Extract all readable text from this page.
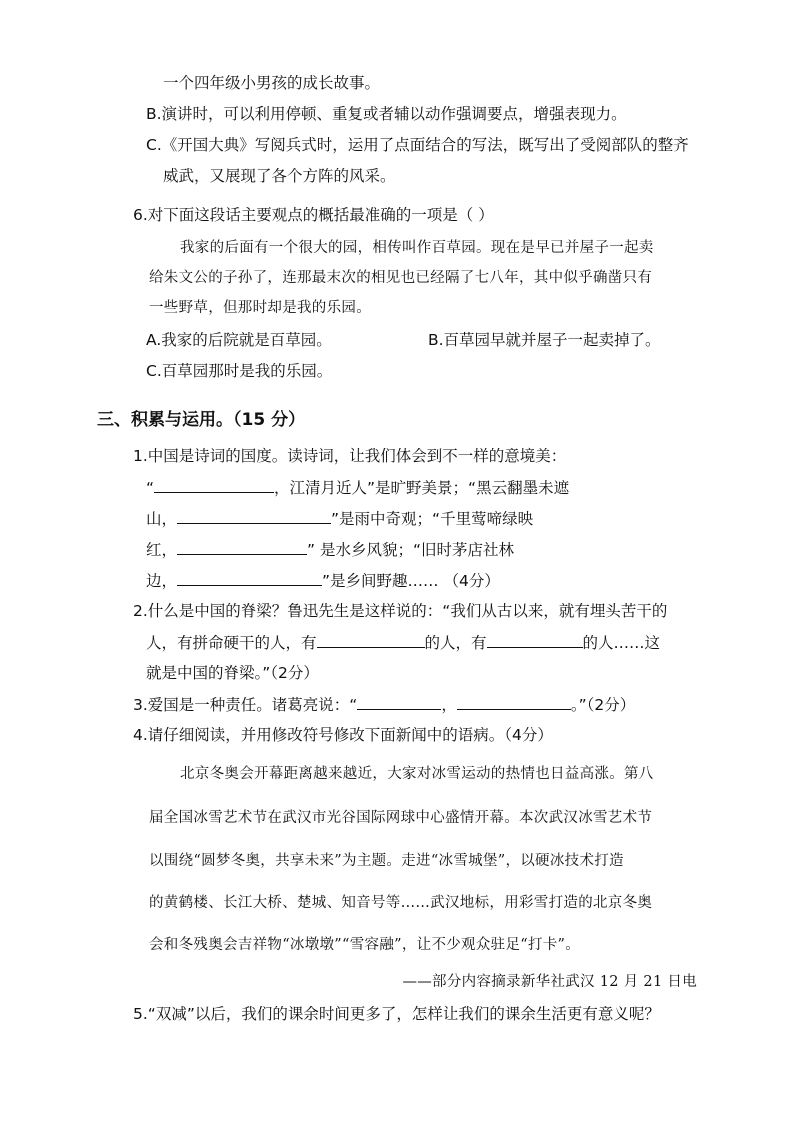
一个四年级小男孩的成长故事。
B.演讲时，可以利用停顿、重复或者辅以动作强调要点，增强表现力。
C.《开国大典》写阅兵式时，运用了点面结合的写法，既写出了受阅部队的整齐
威武，又展现了各个方阵的风采。
6.对下面这段话主要观点的概括最准确的一项是（ ）
我家的后面有一个很大的园，相传叫作百草园。现在是早已并屋子一起卖
给朱文公的子孙了，连那最末次的相见也已经隔了七八年，其中似乎确凿只有
一些野草，但那时却是我的乐园。
A.我家的后院就是百草园。	B.百草园早就并屋子一起卖掉了。
C.百草园那时是我的乐园。
三、积累与运用。（15 分）
1.中国是诗词的国度。读诗词，让我们体会到不一样的意境美：
“	，江清月近人”是旷野美景；“黑云翻墨未遮
山，	”是雨中奇观；“千里莺啼绿映
红，	” 是水乡风貌；“旧时茅店社林
边，	”是乡间野趣…… （4分）
2.什么是中国的脊梁？鲁迅先生是这样说的：“我们从古以来，就有埋头苦干的
人，有拼命硬干的人，有	的人，有	的人……这
就是中国的脊梁。”（2分）
3.爱国是一种责任。诸葛亮说：“	，	。”（2分）
4.请仔细阅读，并用修改符号修改下面新闻中的语病。（4分）
北京冬奥会开幕距离越来越近，大家对冰雪运动的热情也日益高涨。第八
届全国冰雪艺术节在武汉市光谷国际网球中心盛情开幕。本次武汉冰雪艺术节
以围绕“圆梦冬奥，共享未来”为主题。走进“冰雪城堡”，以硬冰技术打造
的黄鹤楼、长江大桥、楚城、知音号等……武汉地标，用彩雪打造的北京冬奥
会和冬残奥会吉祥物“冰墩墩”“雪容融”，让不少观众驻足“打卡”。
——部分内容摘录新华社武汉 12 月 21 日电
5.“双减”以后，我们的课余时间更多了，怎样让我们的课余生活更有意义呢？
